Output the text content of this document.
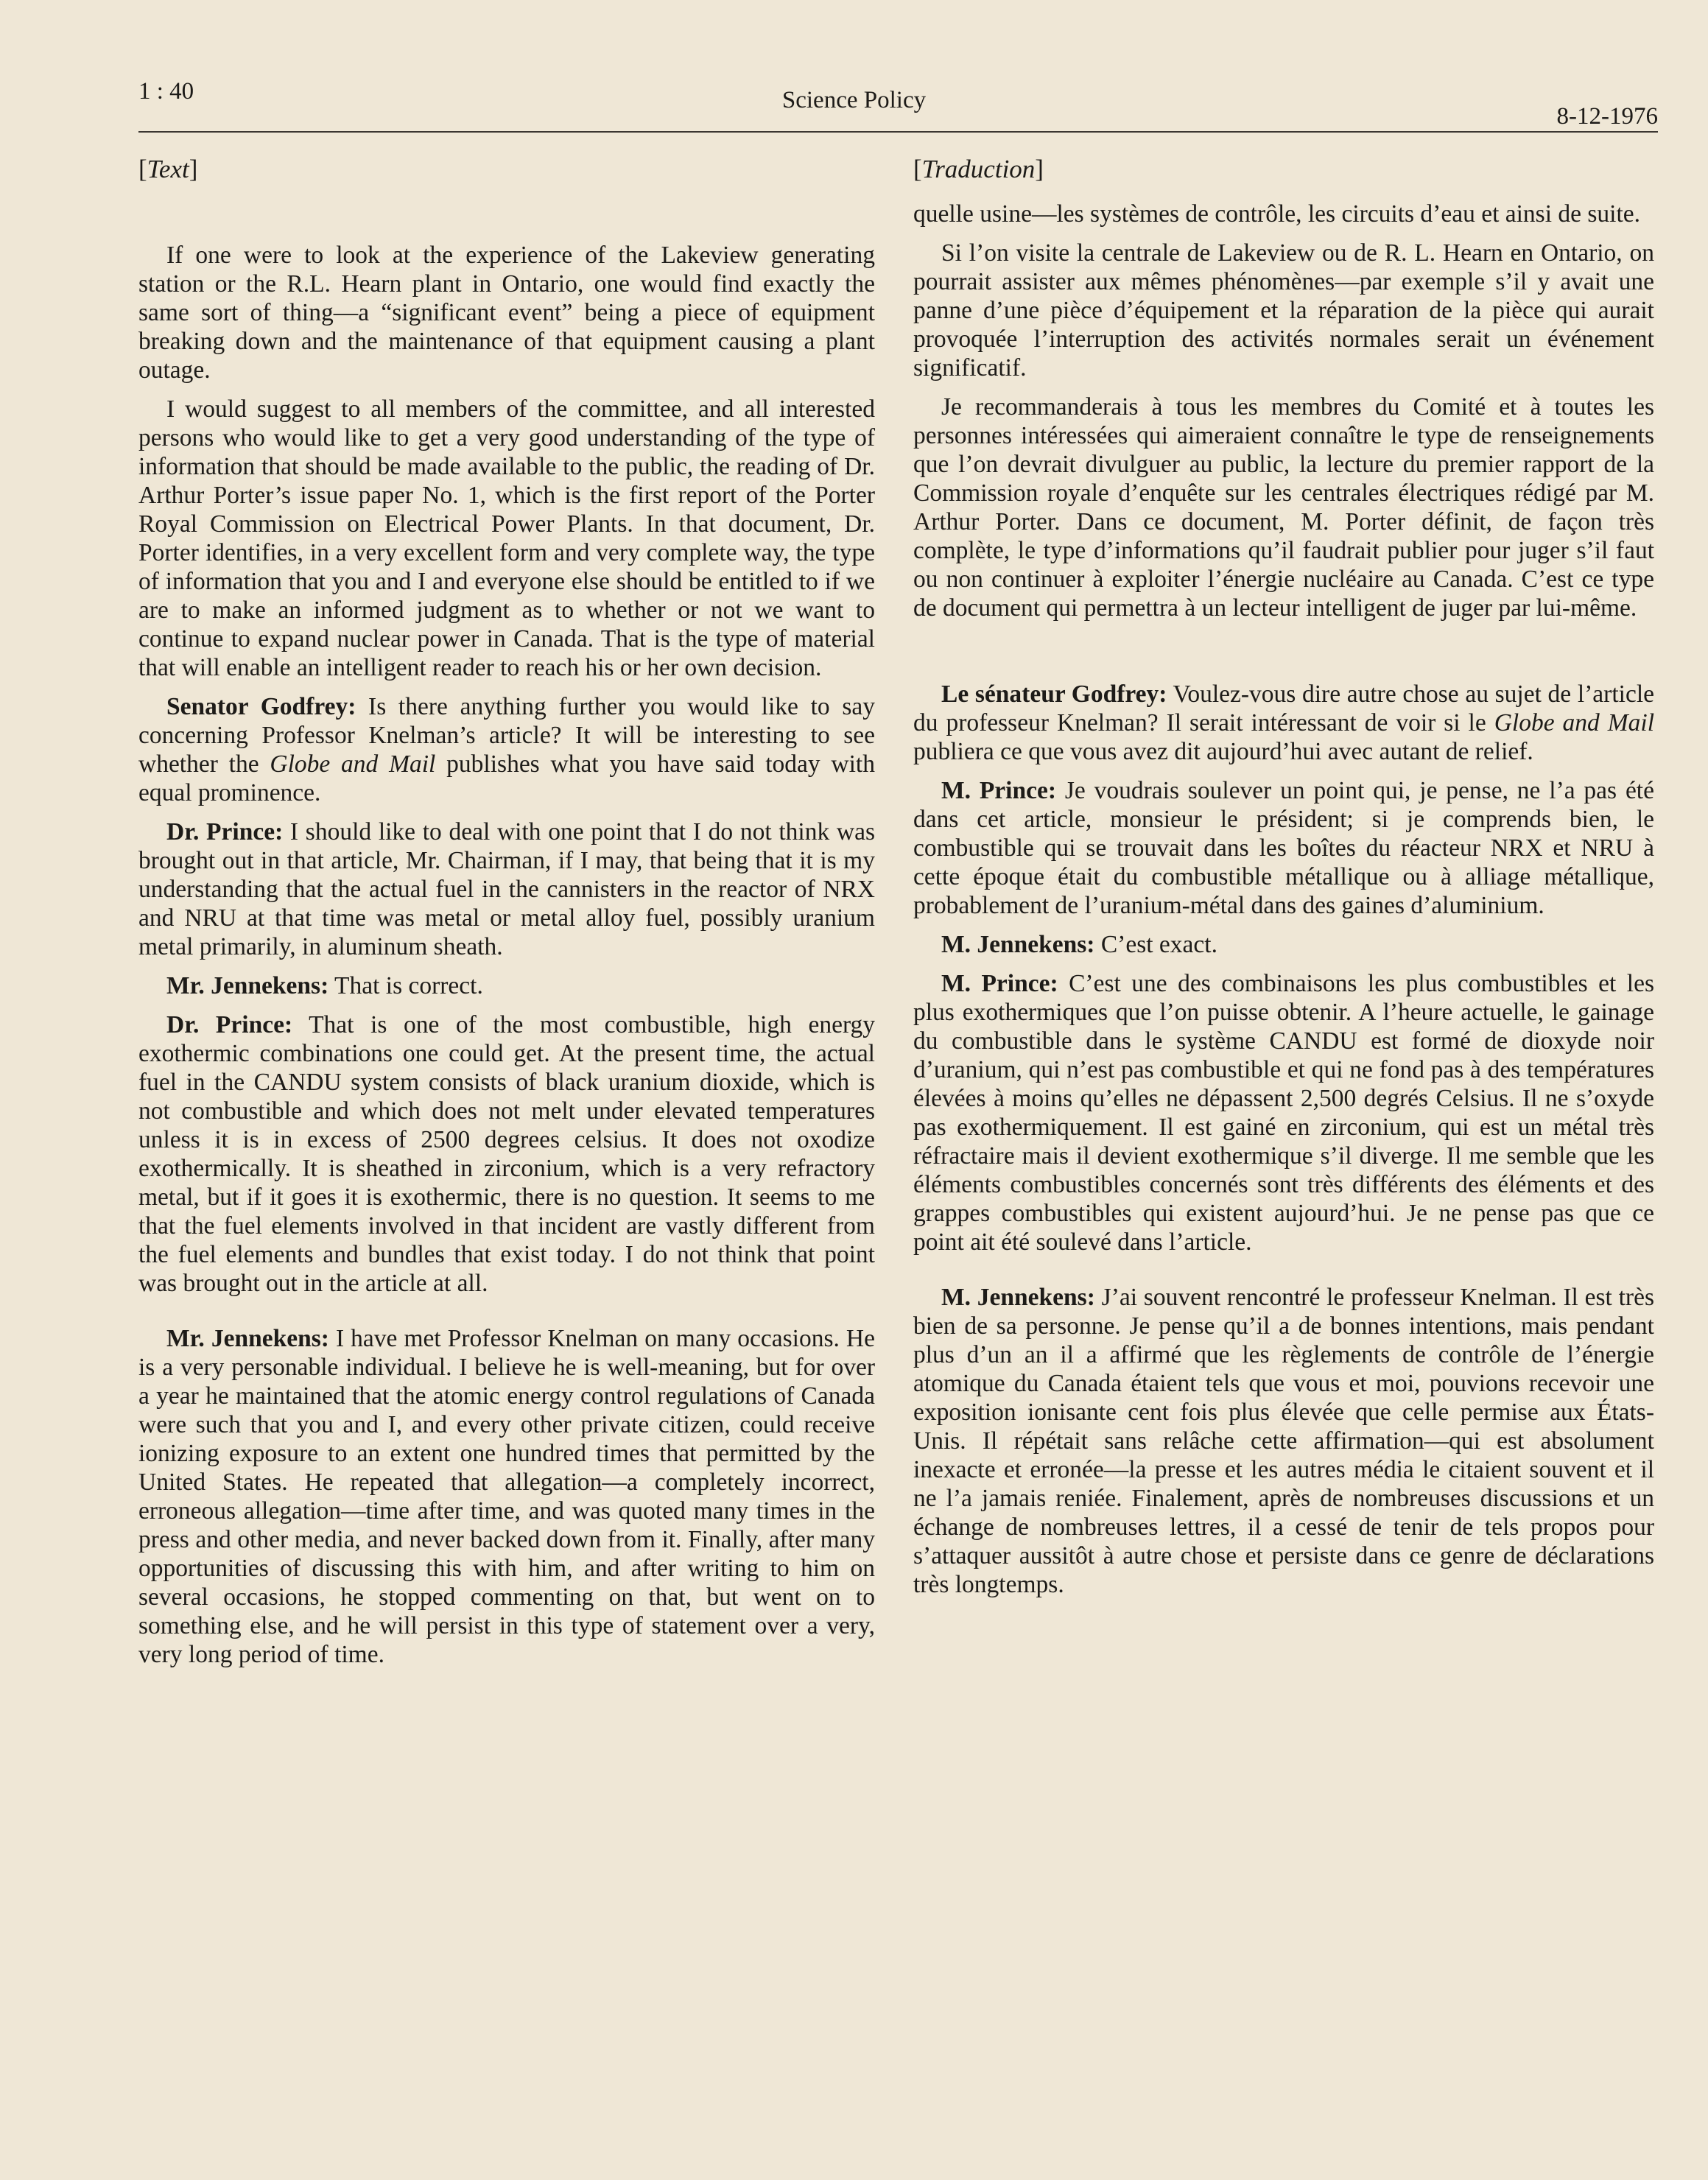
1 : 40	Science Policy
8-12-1976
[Text]

If one were to look at the experience of the Lakeview generating station or the R.L. Hearn plant in Ontario, one would find exactly the same sort of thing—a “significant event” being a piece of equipment breaking down and the maintenance of that equipment causing a plant outage.

I would suggest to all members of the committee, and all interested persons who would like to get a very good understanding of the type of information that should be made available to the public, the reading of Dr. Arthur Porter’s issue paper No. 1, which is the first report of the Porter Royal Commission on Electrical Power Plants. In that document, Dr. Porter identifies, in a very excellent form and very complete way, the type of information that you and I and everyone else should be entitled to if we are to make an informed judgment as to whether or not we want to continue to expand nuclear power in Canada. That is the type of material that will enable an intelligent reader to reach his or her own decision.

Senator Godfrey: Is there anything further you would like to say concerning Professor Knelman’s article? It will be interesting to see whether the Globe and Mail publishes what you have said today with equal prominence.

Dr. Prince: I should like to deal with one point that I do not think was brought out in that article, Mr. Chairman, if I may, that being that it is my understanding that the actual fuel in the cannisters in the reactor of NRX and NRU at that time was metal or metal alloy fuel, possibly uranium metal primarily, in aluminum sheath.

Mr. Jennekens: That is correct.

Dr. Prince: That is one of the most combustible, high energy exothermic combinations one could get. At the present time, the actual fuel in the CANDU system consists of black uranium dioxide, which is not combustible and which does not melt under elevated temperatures unless it is in excess of 2500 degrees celsius. It does not oxodize exothermically. It is sheathed in zirconium, which is a very refractory metal, but if it goes it is exothermic, there is no question. It seems to me that the fuel elements involved in that incident are vastly different from the fuel elements and bundles that exist today. I do not think that point was brought out in the article at all.

Mr. Jennekens: I have met Professor Knelman on many occasions. He is a very personable individual. I believe he is well-meaning, but for over a year he maintained that the atomic energy control regulations of Canada were such that you and I, and every other private citizen, could receive ionizing exposure to an extent one hundred times that permitted by the United States. He repeated that allegation—a completely incorrect, erroneous allegation—time after time, and was quoted many times in the press and other media, and never backed down from it. Finally, after many opportunities of discussing this with him, and after writing to him on several occasions, he stopped commenting on that, but went on to something else, and he will persist in this type of statement over a very, very long period of time.

[Traduction]

quelle usine—les systèmes de contrôle, les circuits d’eau et ainsi de suite.

Si l’on visite la centrale de Lakeview ou de R. L. Hearn en Ontario, on pourrait assister aux mêmes phénomènes—par exemple s’il y avait une panne d’une pièce d’équipement et la réparation de la pièce qui aurait provoquée l’interruption des activités normales serait un événement significatif.

Je recommanderais à tous les membres du Comité et à toutes les personnes intéressées qui aimeraient connaître le type de renseignements que l’on devrait divulguer au public, la lecture du premier rapport de la Commission royale d’enquête sur les centrales électriques rédigé par M. Arthur Porter. Dans ce document, M. Porter définit, de façon très complète, le type d’informations qu’il faudrait publier pour juger s’il faut ou non continuer à exploiter l’énergie nucléaire au Canada. C’est ce type de document qui permettra à un lecteur intelligent de juger par lui-même.

Le sénateur Godfrey: Voulez-vous dire autre chose au sujet de l’article du professeur Knelman? Il serait intéressant de voir si le Globe and Mail publiera ce que vous avez dit aujourd’hui avec autant de relief.

M. Prince: Je voudrais soulever un point qui, je pense, ne l’a pas été dans cet article, monsieur le président; si je comprends bien, le combustible qui se trouvait dans les boîtes du réacteur NRX et NRU à cette époque était du combustible métallique ou à alliage métallique, probablement de l’uranium-métal dans des gaines d’aluminium.

M. Jennekens: C’est exact.

M. Prince: C’est une des combinaisons les plus combustibles et les plus exothermiques que l’on puisse obtenir. A l’heure actuelle, le gainage du combustible dans le système CANDU est formé de dioxyde noir d’uranium, qui n’est pas combustible et qui ne fond pas à des températures élevées à moins qu’elles ne dépassent 2,500 degrés Celsius. Il ne s’oxyde pas exothermiquement. Il est gainé en zirconium, qui est un métal très réfractaire mais il devient exothermique s’il diverge. Il me semble que les éléments combustibles concernés sont très différents des éléments et des grappes combustibles qui existent aujourd’hui. Je ne pense pas que ce point ait été soulevé dans l’article.

M. Jennekens: J’ai souvent rencontré le professeur Knelman. Il est très bien de sa personne. Je pense qu’il a de bonnes intentions, mais pendant plus d’un an il a affirmé que les règlements de contrôle de l’énergie atomique du Canada étaient tels que vous et moi, pouvions recevoir une exposition ionisante cent fois plus élevée que celle permise aux États-Unis. Il répétait sans relâche cette affirmation—qui est absolument inexacte et erronée—la presse et les autres média le citaient souvent et il ne l’a jamais reniée. Finalement, après de nombreuses discussions et un échange de nombreuses lettres, il a cessé de tenir de tels propos pour s’attaquer aussitôt à autre chose et persiste dans ce genre de déclarations très longtemps.
